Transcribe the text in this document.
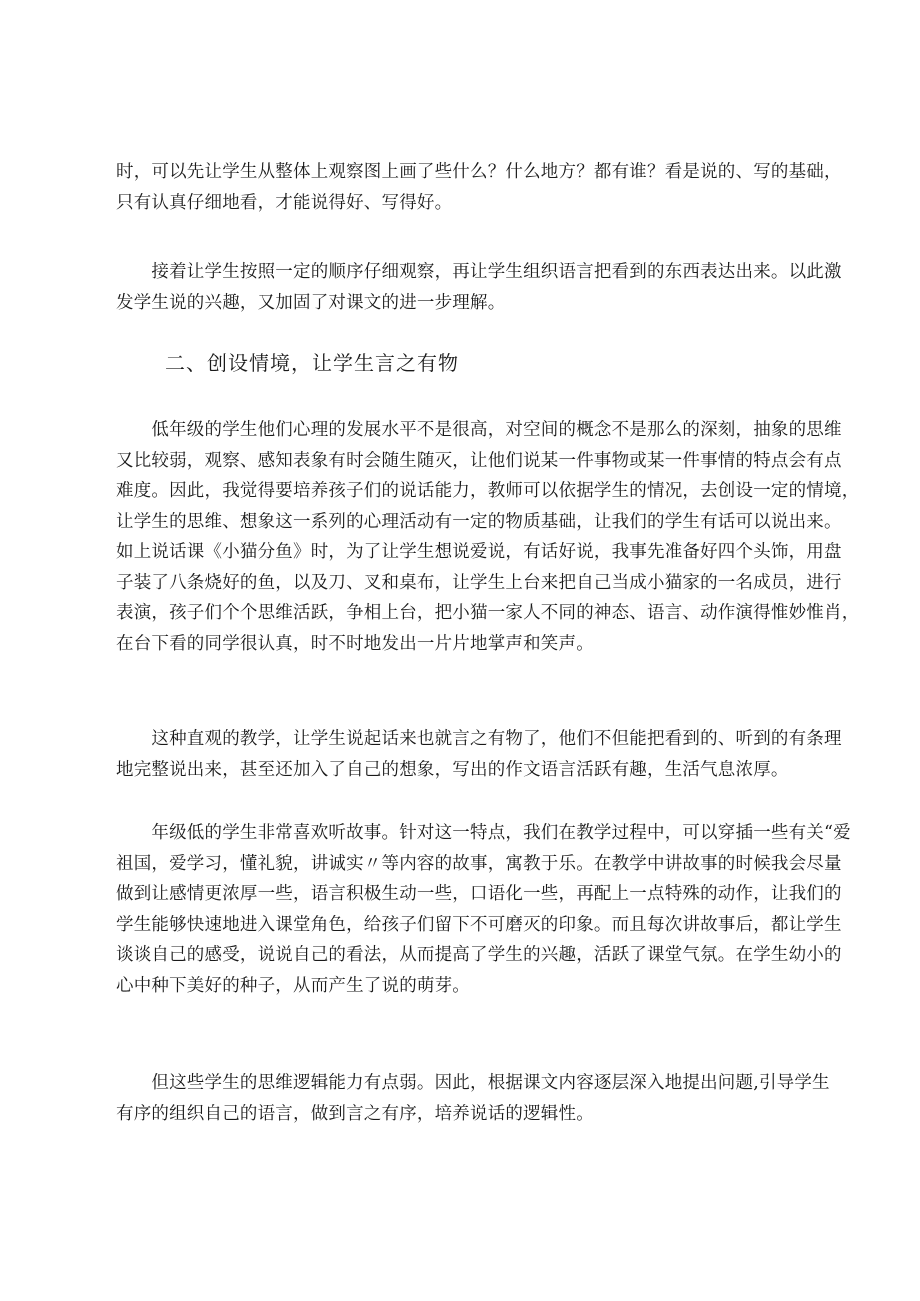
时，可以先让学生从整体上观察图上画了些什么？什么地方？都有谁？看是说的、写的基础，
只有认真仔细地看，才能说得好、写得好。
　　接着让学生按照一定的顺序仔细观察，再让学生组织语言把看到的东西表达出来。以此激
发学生说的兴趣，又加固了对课文的进一步理解。
二、创设情境，让学生言之有物
　　低年级的学生他们心理的发展水平不是很高，对空间的概念不是那么的深刻，抽象的思维
又比较弱，观察、感知表象有时会随生随灭，让他们说某一件事物或某一件事情的特点会有点
难度。因此，我觉得要培养孩子们的说话能力，教师可以依据学生的情况，去创设一定的情境，
让学生的思维、想象这一系列的心理活动有一定的物质基础，让我们的学生有话可以说出来。
如上说话课《小猫分鱼》时，为了让学生想说爱说，有话好说，我事先准备好四个头饰，用盘
子装了八条烧好的鱼，以及刀、叉和桌布，让学生上台来把自己当成小猫家的一名成员，进行
表演，孩子们个个思维活跃，争相上台，把小猫一家人不同的神态、语言、动作演得惟妙惟肖，
在台下看的同学很认真，时不时地发出一片片地掌声和笑声。
　　这种直观的教学，让学生说起话来也就言之有物了，他们不但能把看到的、听到的有条理
地完整说出来，甚至还加入了自己的想象，写出的作文语言活跃有趣，生活气息浓厚。
　　年级低的学生非常喜欢听故事。针对这一特点，我们在教学过程中，可以穿插一些有关“爱
祖国，爱学习，懂礼貌，讲诚实〃等内容的故事，寓教于乐。在教学中讲故事的时候我会尽量
做到让感情更浓厚一些，语言积极生动一些，口语化一些，再配上一点特殊的动作，让我们的
学生能够快速地进入课堂角色，给孩子们留下不可磨灭的印象。而且每次讲故事后，都让学生
谈谈自己的感受，说说自己的看法，从而提高了学生的兴趣，活跃了课堂气氛。在学生幼小的
心中种下美好的种子，从而产生了说的萌芽。
　　但这些学生的思维逻辑能力有点弱。因此，根据课文内容逐层深入地提出问题,引导学生
有序的组织自己的语言，做到言之有序，培养说话的逻辑性。
